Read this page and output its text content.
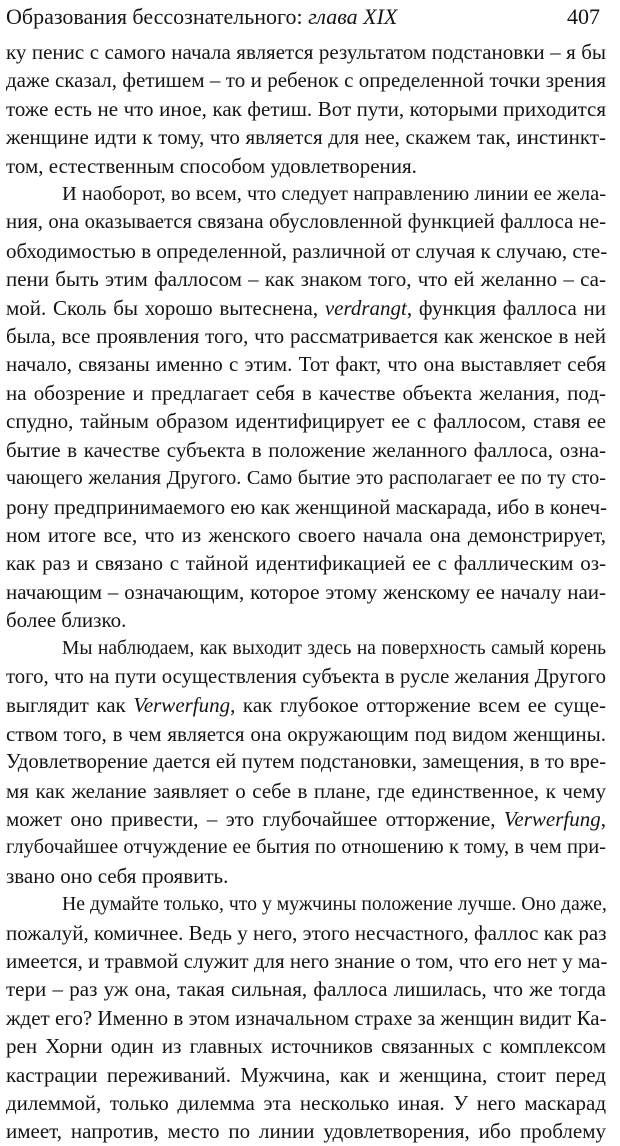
Образования бессознательного: глава XIX	407

ку пенис с самого начала является результатом подстановки – я бы
даже сказал, фетишем – то и ребенок с определенной точки зрения
тоже есть не что иное, как фетиш. Вот пути, которыми приходится
женщине идти к тому, что является для нее, скажем так, инстинкт-
том, естественным способом удовлетворения.

И наоборот, во всем, что следует направлению линии ее жела-
ния, она оказывается связана обусловленной функцией фаллоса не-
обходимостью в определенной, различной от случая к случаю, сте-
пени быть этим фаллосом – как знаком того, что ей желанно – са-
мой. Сколь бы хорошо вытеснена, verdrangt, функция фаллоса ни
была, все проявления того, что рассматривается как женское в ней
начало, связаны именно с этим. Тот факт, что она выставляет себя
на обозрение и предлагает себя в качестве объекта желания, под-
спудно, тайным образом идентифицирует ее с фаллосом, ставя ее
бытие в качестве субъекта в положение желанного фаллоса, озна-
чающего желания Другого. Само бытие это располагает ее по ту сто-
рону предпринимаемого ею как женщиной маскарада, ибо в конеч-
ном итоге все, что из женского своего начала она демонстрирует,
как раз и связано с тайной идентификацией ее с фаллическим оз-
начающим – означающим, которое этому женскому ее началу наи-
более близко.

Мы наблюдаем, как выходит здесь на поверхность самый корень
того, что на пути осуществления субъекта в русле желания Другого
выглядит как Verwerfung, как глубокое отторжение всем ее суще-
ством того, в чем является она окружающим под видом женщины.
Удовлетворение дается ей путем подстановки, замещения, в то вре-
мя как желание заявляет о себе в плане, где единственное, к чему
может оно привести, – это глубочайшее отторжение, Verwerfung,
глубочайшее отчуждение ее бытия по отношению к тому, в чем при-
звано оно себя проявить.

Не думайте только, что у мужчины положение лучше. Оно даже,
пожалуй, комичнее. Ведь у него, этого несчастного, фаллос как раз
имеется, и травмой служит для него знание о том, что его нет у ма-
тери – раз уж она, такая сильная, фаллоса лишилась, что же тогда
ждет его? Именно в этом изначальном страхе за женщин видит Ка-
рен Хорни один из главных источников связанных с комплексом
кастрации переживаний. Мужчина, как и женщина, стоит перед
дилеммой, только дилемма эта несколько иная. У него маскарад
имеет, напротив, место по линии удовлетворения, ибо проблему
